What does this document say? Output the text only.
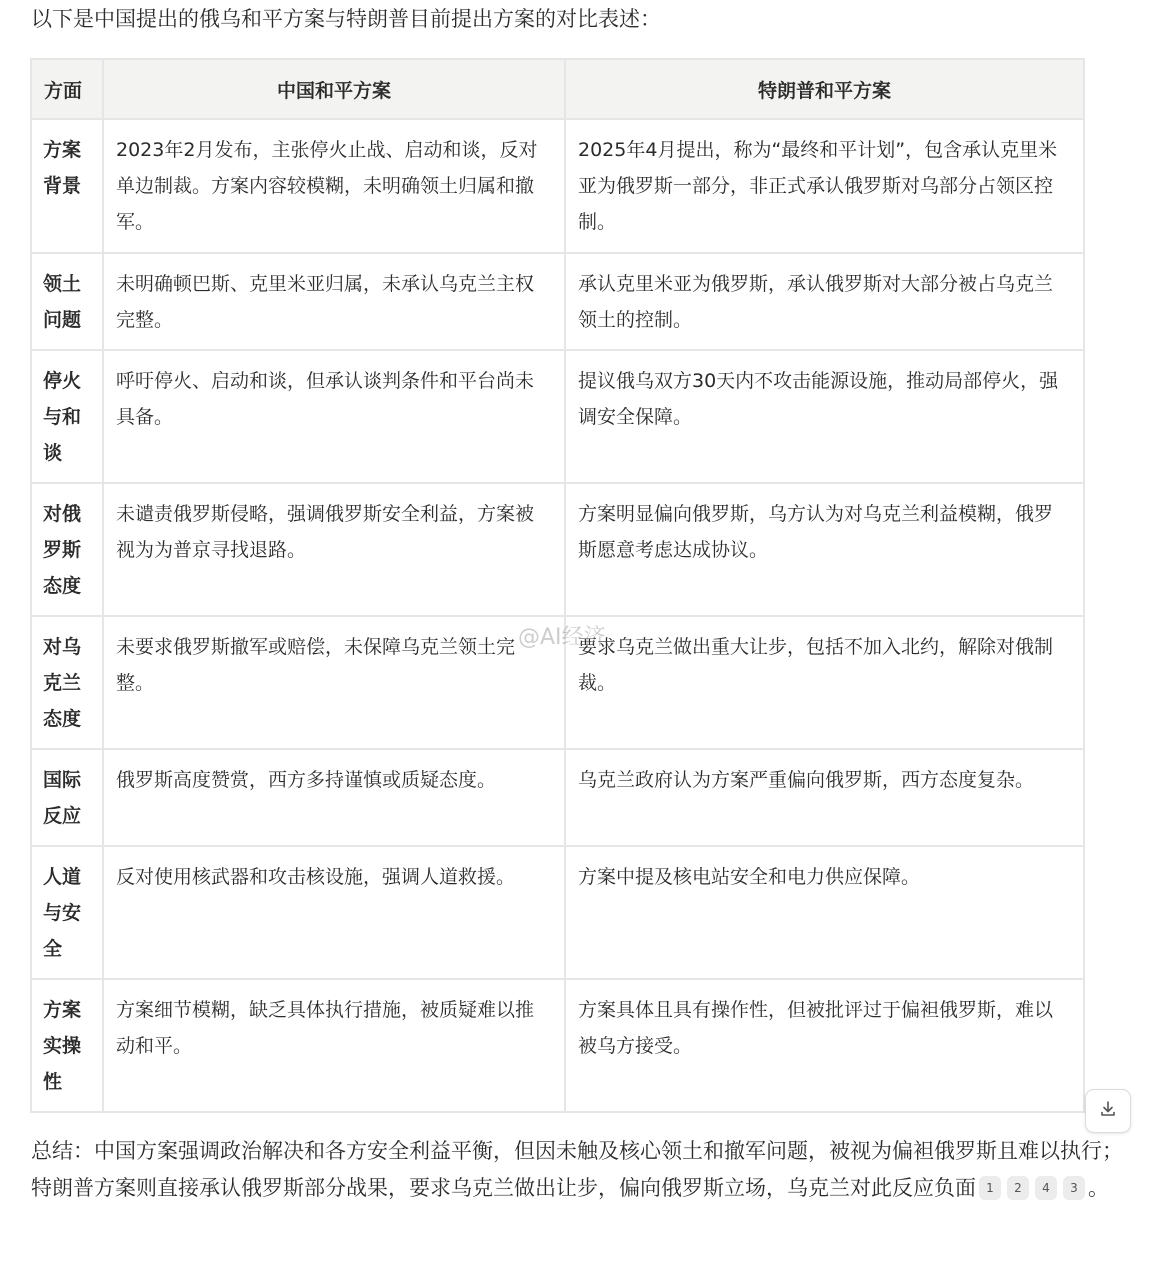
以下是中国提出的俄乌和平方案与特朗普目前提出方案的对比表述：
方面	中国和平方案	特朗普和平方案
方案背景	2023年2月发布，主张停火止战、启动和谈，反对单边制裁。方案内容较模糊，未明确领土归属和撤军。	2025年4月提出，称为“最终和平计划”，包含承认克里米亚为俄罗斯一部分，非正式承认俄罗斯对乌部分占领区控制。
领土问题	未明确顿巴斯、克里米亚归属，未承认乌克兰主权完整。	承认克里米亚为俄罗斯，承认俄罗斯对大部分被占乌克兰领土的控制。
停火与和谈	呼吁停火、启动和谈，但承认谈判条件和平台尚未具备。	提议俄乌双方30天内不攻击能源设施，推动局部停火，强调安全保障。
对俄罗斯态度	未谴责俄罗斯侵略，强调俄罗斯安全利益，方案被视为为普京寻找退路。	方案明显偏向俄罗斯，乌方认为对乌克兰利益模糊，俄罗斯愿意考虑达成协议。
对乌克兰态度	未要求俄罗斯撤军或赔偿，未保障乌克兰领土完整。	要求乌克兰做出重大让步，包括不加入北约，解除对俄制裁。
国际反应	俄罗斯高度赞赏，西方多持谨慎或质疑态度。	乌克兰政府认为方案严重偏向俄罗斯，西方态度复杂。
人道与安全	反对使用核武器和攻击核设施，强调人道救援。	方案中提及核电站安全和电力供应保障。
方案实操性	方案细节模糊，缺乏具体执行措施，被质疑难以推动和平。	方案具体且具有操作性，但被批评过于偏袒俄罗斯，难以被乌方接受。
@AI经济
总结：中国方案强调政治解决和各方安全利益平衡，但因未触及核心领土和撤军问题，被视为偏袒俄罗斯且难以执行；特朗普方案则直接承认俄罗斯部分战果，要求乌克兰做出让步，偏向俄罗斯立场，乌克兰对此反应负面 1 2 4 3 。
